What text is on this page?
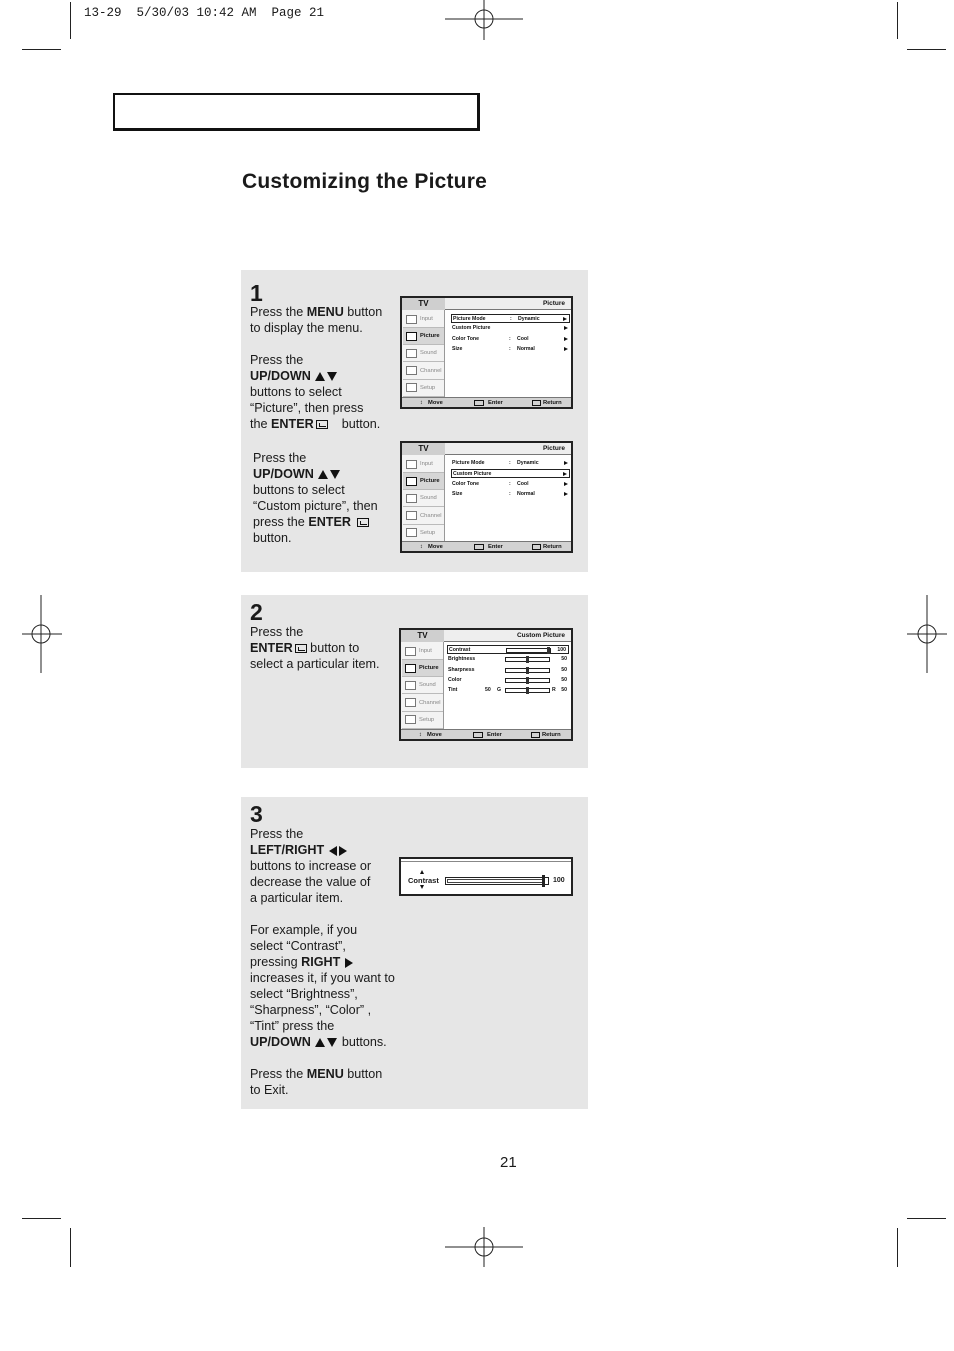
13-29  5/30/03 10:42 AM  Page 21
Customizing the Picture
1
Press the MENU button
to display the menu.
Press the
UP/DOWN
buttons to select
“Picture”, then press
the ENTER button.
Press the
UP/DOWN
buttons to select
“Custom picture”, then
press the ENTER
button.
TV	Picture
Input
Picture
Sound
Channel
Setup
↕ Move	Enter	Return
Picture Mode	: Dynamic
Custom Picture
Color Tone	: Cool
Size	: Normal
TV	Picture
Input
Picture
Sound
Channel
Setup
↕ Move	Enter	Return
Picture Mode	: Dynamic
Custom Picture
Color Tone	: Cool
Size	: Normal
2
Press the
ENTER button to
select a particular item.
TV	Custom Picture
Input
Picture
Sound
Channel
Setup
↕ Move	Enter	Return
Contrast	100
Brightness	50
Sharpness	50
Color	50
Tint	50 G	R 50
3
Press the
LEFT/RIGHT
buttons to increase or
decrease the value of
a particular item.
For example, if you
select “Contrast”,
pressing RIGHT
increases it, if you want to
select “Brightness”,
“Sharpness”, “Color” ,
“Tint” press the
UP/DOWN  buttons.
Press the MENU button
to Exit.
Contrast	100
21
